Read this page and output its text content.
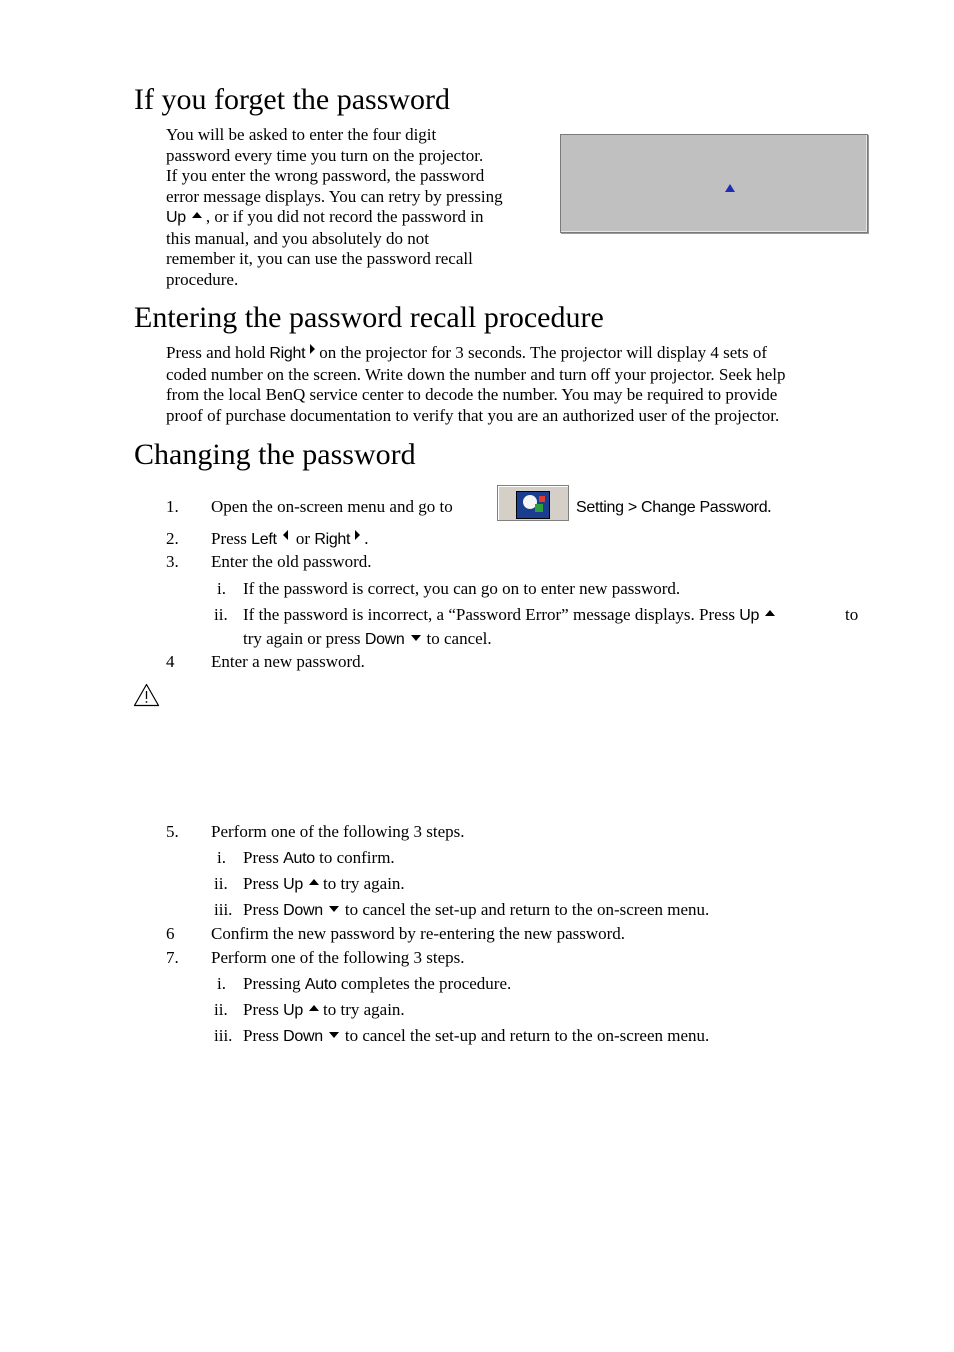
If you forget the password
You will be asked to enter the four digit
password every time you turn on the projector.
If you enter the wrong password, the password
error message displays. You can retry by pressing
Up , or if you did not record the password in
this manual, and you absolutely do not
remember it, you can use the password recall
procedure.
Entering the password recall procedure
Press and hold Right on the projector for 3 seconds. The projector will display 4 sets of
coded number on the screen. Write down the number and turn off your projector. Seek help
from the local BenQ service center to decode the number. You may be required to provide
proof of purchase documentation to verify that you are an authorized user of the projector.
Changing the password
1. Open the on-screen menu and go to	Setting > Change Password.
2. Press Left or Right .
3. Enter the old password.
i. If the password is correct, you can go on to enter new password.
ii. If the password is incorrect, a “Password Error” message displays. Press Up	to
try again or press Down to cancel.
4 Enter a new password.
5. Perform one of the following 3 steps.
i. Press Auto to confirm.
ii. Press Up to try again.
iii. Press Down to cancel the set-up and return to the on-screen menu.
6 Confirm the new password by re-entering the new password.
7. Perform one of the following 3 steps.
i. Pressing Auto completes the procedure.
ii. Press Up to try again.
iii. Press Down to cancel the set-up and return to the on-screen menu.
